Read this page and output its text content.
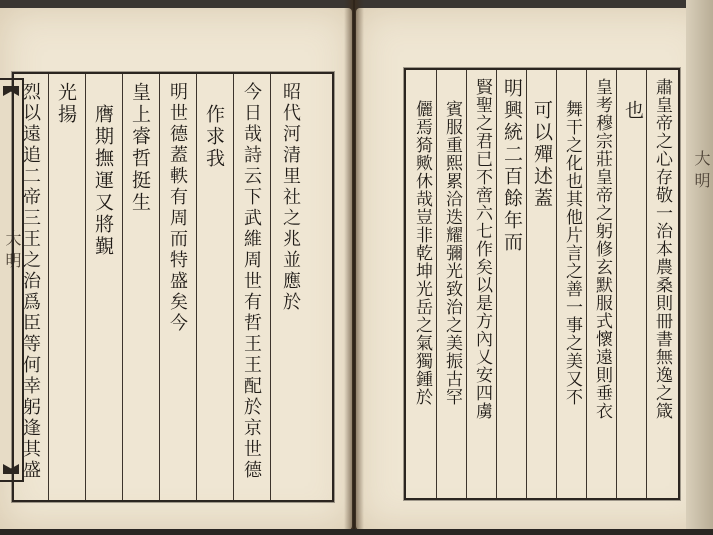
大明	昭代河清里社之兆並應於
今日哉詩云下武維周世有哲王王配於京世德
作求我
明世德蓋軼有周而特盛矣今
皇上睿哲挺生
膺期撫運又將覲
光揚
烈以遠追二帝三王之治爲臣等何幸躬逢其盛	肅皇帝之心存敬一治本農桑則冊書無逸之箴
也
皇考穆宗莊皇帝之躬修玄默服式懷遠則垂衣
舞干之化也其他片言之善一事之美又不
可以殫述蓋
明興統二百餘年而
賢聖之君已不啻六七作矣以是方內乂安四虜
賓服重熙累洽迭耀彌光致治之美振古罕
儷焉猗歟休哉豈非乾坤光岳之氣獨鍾於	大明
